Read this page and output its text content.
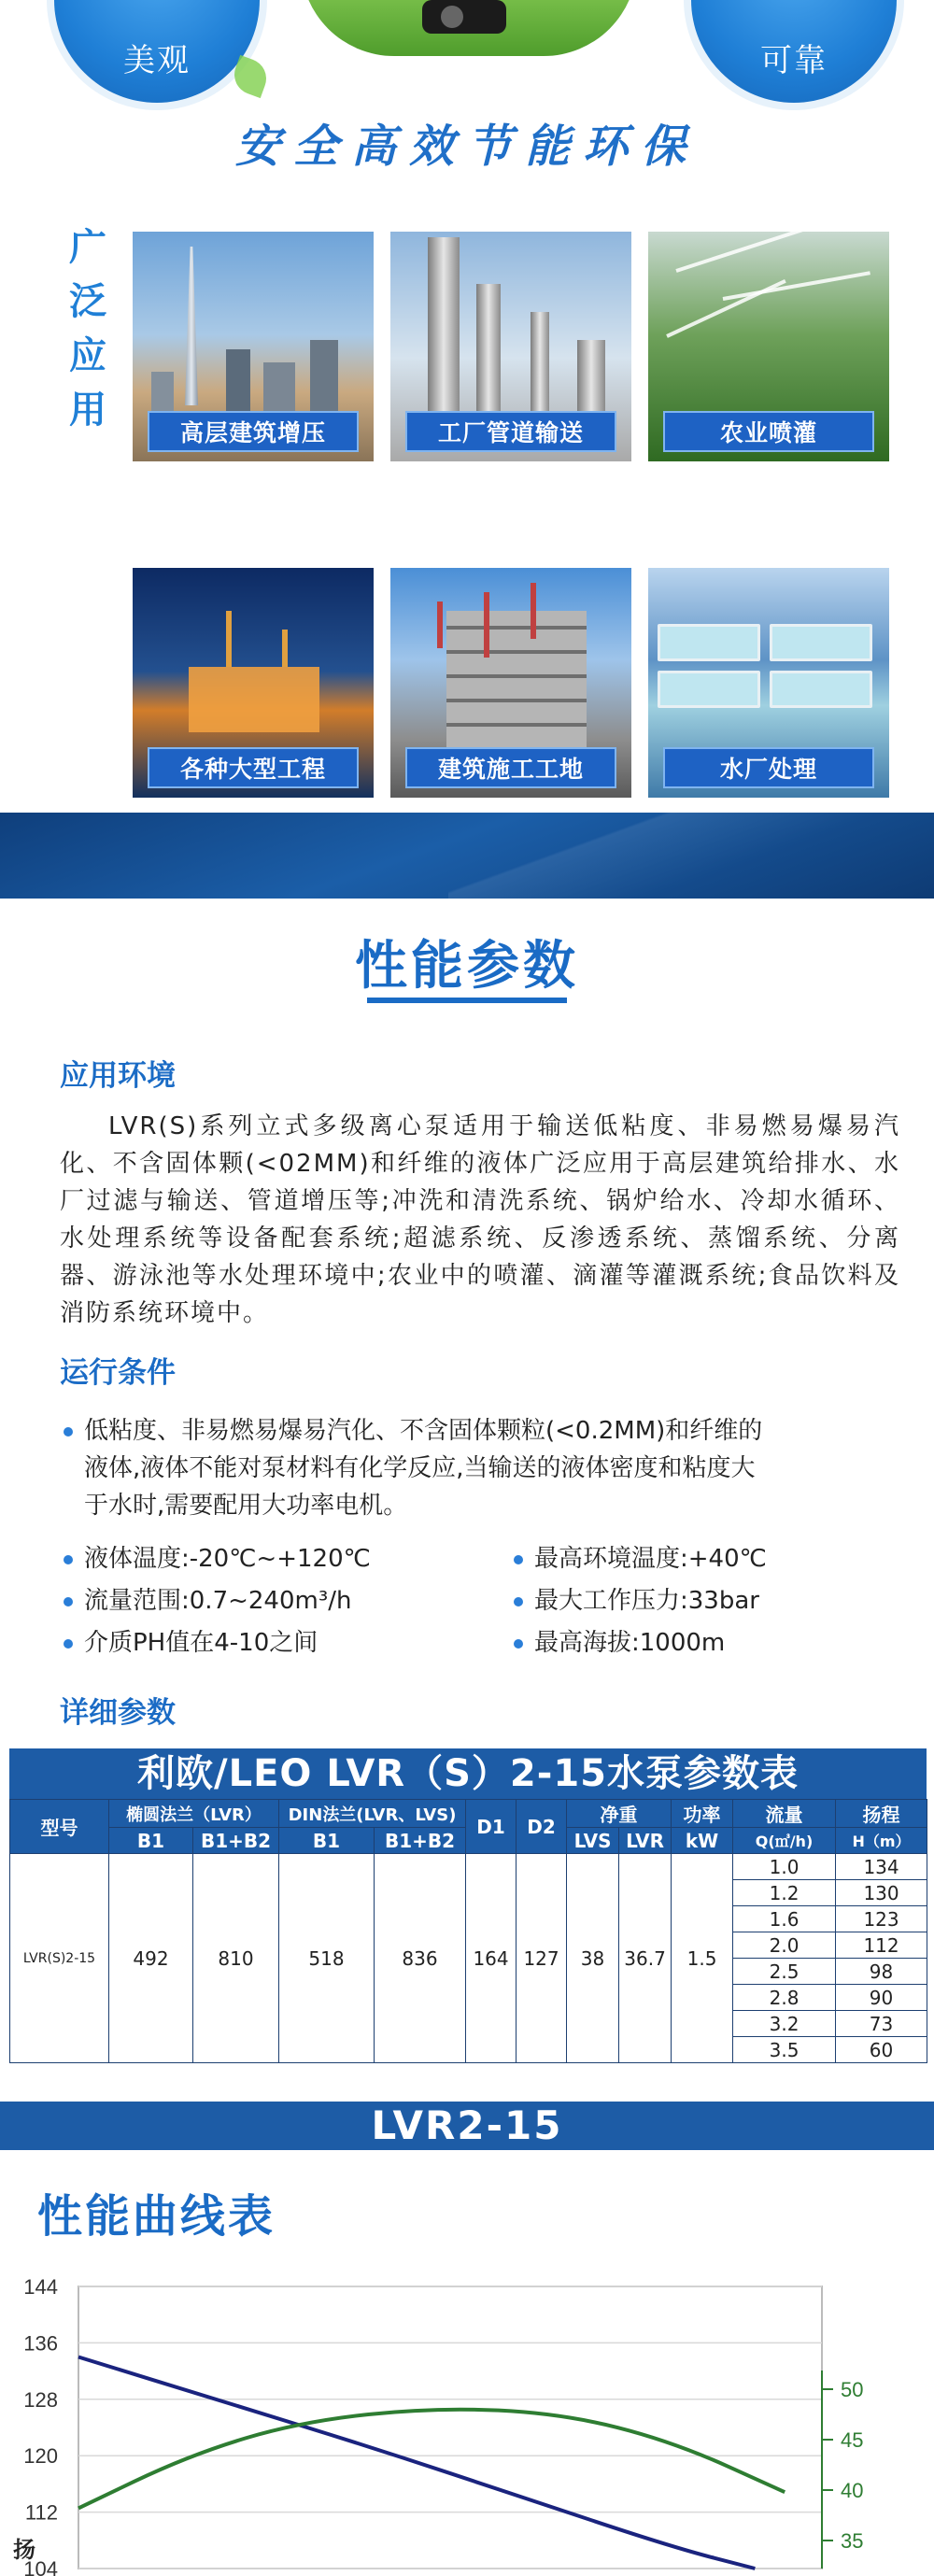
美观	可靠
安全高效节能环保
广泛应用
高层建筑增压	工厂管道输送	农业喷灌
各种大型工程	建筑施工工地	水厂处理
性能参数
应用环境
LVR(S)系列立式多级离心泵适用于输送低粘度、非易燃易爆易汽化、不含固体颗(<02MM)和纤维的液体广泛应用于高层建筑给排水、水厂过滤与输送、管道增压等;冲洗和清洗系统、锅炉给水、冷却水循环、水处理系统等设备配套系统;超滤系统、反渗透系统、蒸馏系统、分离器、游泳池等水处理环境中;农业中的喷灌、滴灌等灌溉系统;食品饮料及消防系统环境中。
运行条件
低粘度、非易燃易爆易汽化、不含固体颗粒(<0.2MM)和纤维的
液体,液体不能对泵材料有化学反应,当输送的液体密度和粘度大
于水时,需要配用大功率电机。
液体温度:-20℃~+120℃
流量范围:0.7~240m³/h
介质PH值在4-10之间
最高环境温度:+40℃
最大工作压力:33bar
最高海拔:1000m
详细参数
利欧/LEO LVR（S）2-15水泵参数表
型号	椭圆法兰（LVR）		DIN法兰(LVR、LVS)		D1	D2	净重		功率	流量	扬程
	B1	B1+B2	B1	B1+B2			LVS	LVR	kW	Q(㎥/h)	H（m）
LVR(S)2-15	492	810	518	836	164	127	38	36.7	1.5	1.0	134
										1.2	130
										1.6	123
										2.0	112
										2.5	98
										2.8	90
										3.2	73
										3.5	60
LVR2-15
性能曲线表
144
136
128
120
112
104
50
45
40
35
扬
